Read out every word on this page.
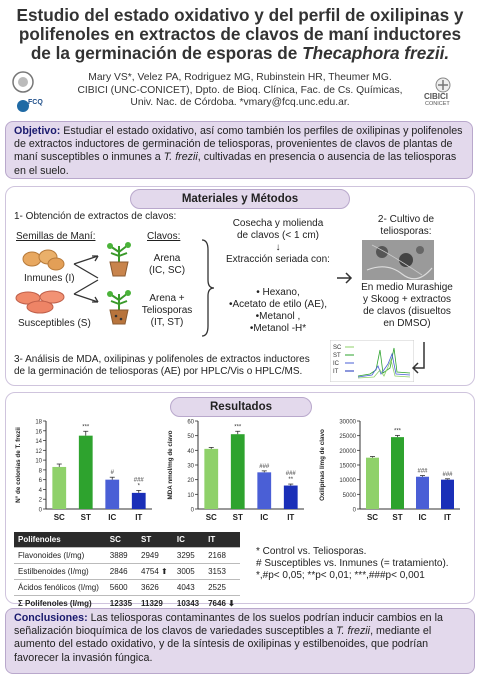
Estudio del estado oxidativo y del perfil de oxilipinas y
polifenoles en extractos de clavos de maní inductores
de la germinación de esporas de Thecaphora frezii.
FCQ
CIBICI
CONICET
Mary VS*, Velez PA, Rodriguez MG, Rubinstein HR, Theumer MG.
CIBICI (UNC-CONICET), Dpto. de Bioq. Clínica, Fac. de Cs. Químicas,
Univ. Nac. de Córdoba. *vmary@fcq.unc.edu.ar.
Objetivo: Estudiar el estado oxidativo, así como también los perfiles de oxilipinas y polifenoles de extractos inductores de germinación de teliosporas, provenientes de clavos de plantas de maní susceptibles o inmunes a T. frezii, cultivadas en presencia o ausencia de las teliosporas en el suelo.
Materiales y Métodos
1- Obtención de extractos de clavos:
Semillas de Maní:	Clavos:
Inmunes (I)
Susceptibles (S)
Arena
(IC, SC)
Arena +
Teliosporas
(IT, ST)
Cosecha y molienda
de clavos (< 1 cm)
↓
Extracción seriada con:
• Hexano,
•Acetato de etilo (AE),
•Metanol ,
•Metanol -H*
2- Cultivo de
teliosporas:
En medio Murashige
y Skoog + extractos
de clavos (disueltos
en DMSO)
3- Análisis de MDA, oxilipinas y polifenoles de extractos inductores
de la germinación de teliosporas (AE) por HPLC/Vis o HPLC/MS.
SC
ST
IC
IT
Resultados
0
2
4
6
8
10
12
14
16
18
N° de colonias de T. frezii
SC
***
ST
#
IC
###
*
IT
0
10
20
30
40
50
60
MDA nmol/mg de clavo
SC
***
ST
###
IC
###
**
IT
0
5000
10000
15000
20000
25000
30000
Oxilipinas I/mg de clavo
SC
***
ST
###
IC
###
IT
Polifenoles	SC	ST	IC	IT
Flavonoides (I/mg)	3889	2949	3295	2168
Estilbenoides (I/mg)	2846	4754 ⬆	3005	3153
Ácidos fenólicos (I/mg)	5600	3626	4043	2525
Σ Polifenoles (I/mg)	12335	11329	10343	7646 ⬇
* Control vs. Teliosporas.
# Susceptibles vs. Inmunes (= tratamiento).
*,#p< 0,05; **p< 0,01; ***,###p< 0,001
Conclusiones: Las teliosporas contaminantes de los suelos podrían inducir cambios en la señalización bioquímica de los clavos de variedades susceptibles a T. frezii, mediante el aumento del estado oxidativo, y de la síntesis de oxilipinas y estilbenoides, que podrían favorecer la invasión fúngica.
